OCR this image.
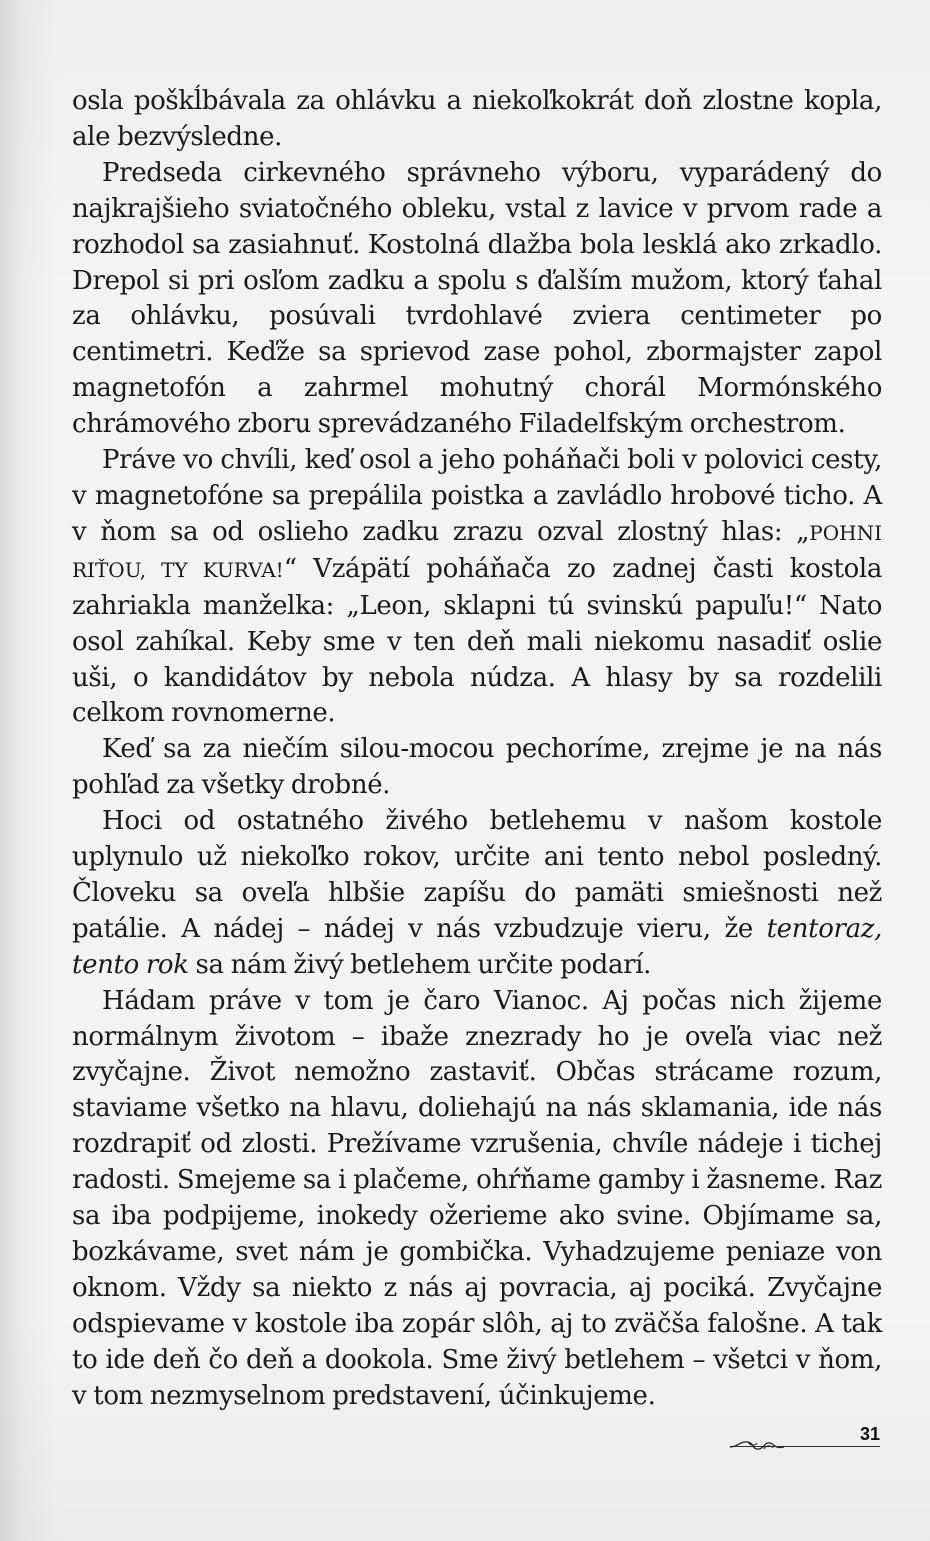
osla poškĺbávala za ohlávku a niekoľkokrát doň zlostne kopla, ale bezvýsledne.

Predseda cirkevného správneho výboru, vyparádený do najkrajšieho sviatočného obleku, vstal z lavice v prvom rade a rozhodol sa zasiahnuť. Kostolná dlažba bola lesklá ako zrkadlo. Drepol si pri osľom zadku a spolu s ďalším mužom, ktorý ťahal za ohlávku, posúvali tvrdohlavé zviera centimeter po centimetri. Keďže sa sprievod zase pohol, zbormajster zapol magnetofón a zahrmel mohutný chorál Mormónského chrámového zboru sprevádzaného Filadelfským orchestrom.

Práve vo chvíli, keď osol a jeho poháňači boli v polovici cesty, v magnetofóne sa prepálila poistka a zavládlo hrobové ticho. A v ňom sa od oslieho zadku zrazu ozval zlostný hlas: „POHNI RIŤOU, TY KURVA!“ Vzápätí poháňača zo zadnej časti kostola zahriakla manželka: „Leon, sklapni tú svinskú papuľu!“ Nato osol zahíkal. Keby sme v ten deň mali niekomu nasadiť oslie uši, o kandidátov by nebola núdza. A hlasy by sa rozdelili celkom rovnomerne.

Keď sa za niečím silou-mocou pechoríme, zrejme je na nás pohľad za všetky drobné.

Hoci od ostatného živého betlehemu v našom kostole uplynulo už niekoľko rokov, určite ani tento nebol posledný. Človeku sa oveľa hlbšie zapíšu do pamäti smiešnosti než patálie. A nádej – nádej v nás vzbudzuje vieru, že tentoraz, tento rok sa nám živý betlehem určite podarí.

Hádam práve v tom je čaro Vianoc. Aj počas nich žijeme normálnym životom – ibaže znezrady ho je oveľa viac než zvyčajne. Život nemožno zastaviť. Občas strácame rozum, staviame všetko na hlavu, doliehajú na nás sklamania, ide nás rozdrapiť od zlosti. Prežívame vzrušenia, chvíle nádeje i tichej radosti. Smejeme sa i plačeme, ohŕňame gamby i žasneme. Raz sa iba podpijeme, inokedy ožerieme ako svine. Objímame sa, bozkávame, svet nám je gombička. Vyhadzujeme peniaze von oknom. Vždy sa niekto z nás aj povracia, aj pociká. Zvyčajne odspievame v kostole iba zopár slôh, aj to zväčša falošne. A tak to ide deň čo deň a dookola. Sme živý betlehem – všetci v ňom, v tom nezmyselnom predstavení, účinkujeme.

31
